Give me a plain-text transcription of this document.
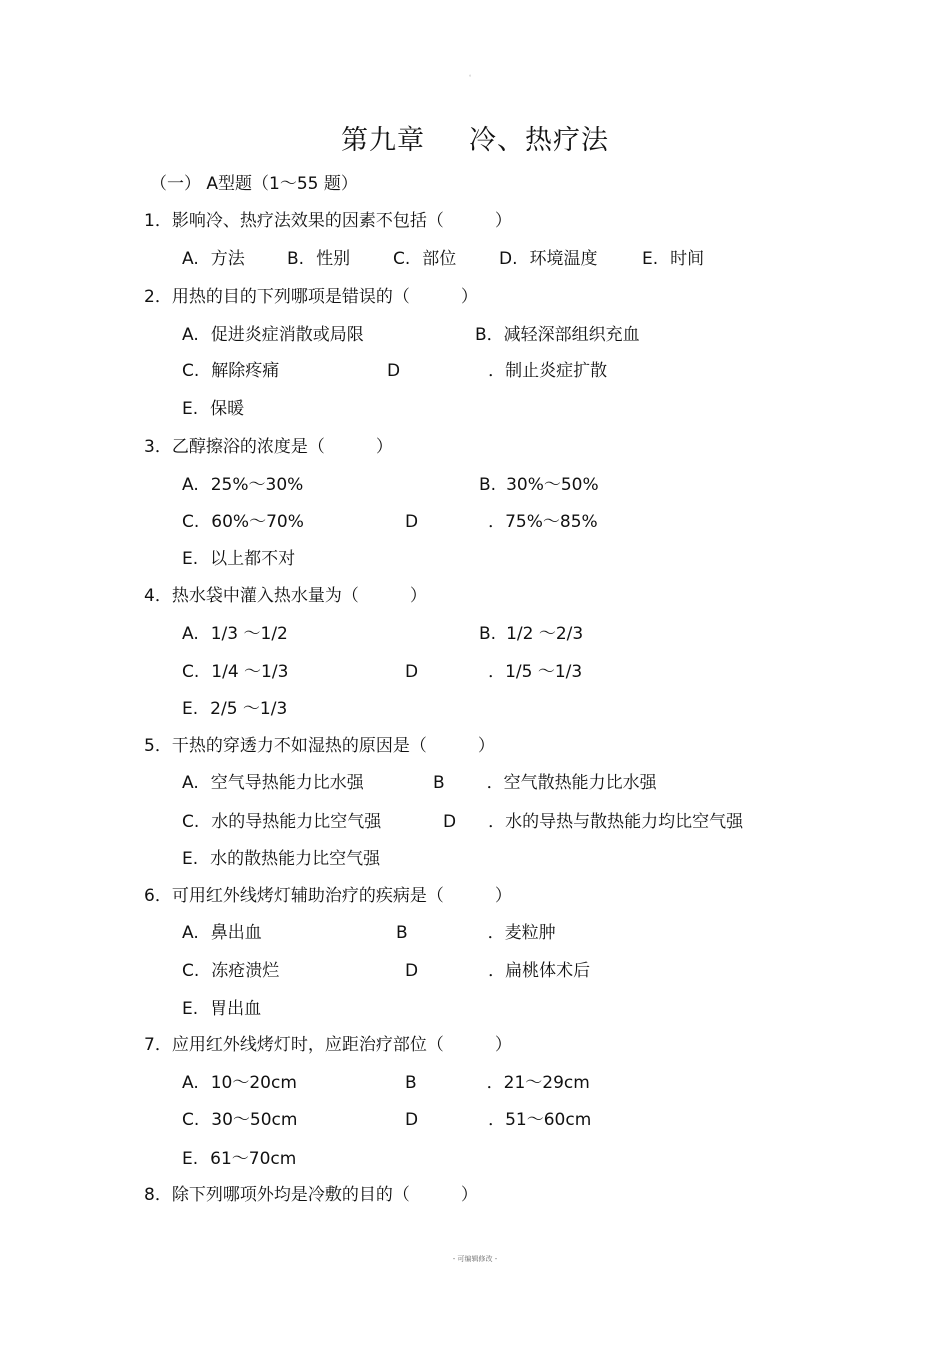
。
第九章 冷、热疗法
（一） A型题（1～55 题）
1．影响冷、热疗法效果的因素不包括（　　　）
A. 方法 B. 性别	C. 部位	D. 环境温度	E. 时间
2．用热的目的下列哪项是错误的（　　　）
A. 促进炎症消散或局限	B．减轻深部组织充血
C. 解除疼痛	D	．制止炎症扩散
E. 保暖
3．乙醇擦浴的浓度是（　　　）
A. 25%～30%	B. 30%～50%
C. 60%～70%	D	．75%～85%
E. 以上都不对
4．热水袋中灌入热水量为（　　　）
A. 1/3 ～1/2	B. 1/2 ～2/3
C. 1/4 ～1/3	D	．1/5 ～1/3
E. 2/5 ～1/3
5．干热的穿透力不如湿热的原因是（　　　）
A. 空气导热能力比水强	B ．空气散热能力比水强
C. 水的导热能力比空气强	D ．水的导热与散热能力均比空气强
E. 水的散热能力比空气强
6．可用红外线烤灯辅助治疗的疾病是（　　　）
A. 鼻出血	B	．麦粒肿
C. 冻疮溃烂	D	．扁桃体术后
E. 胃出血
7．应用红外线烤灯时，应距治疗部位（　　　）
A. 10～20cm	B	．21～29cm
C. 30～50cm	D	．51～60cm
E. 61～70cm
8．除下列哪项外均是冷敷的目的（　　　）
- 可编辑修改 -
